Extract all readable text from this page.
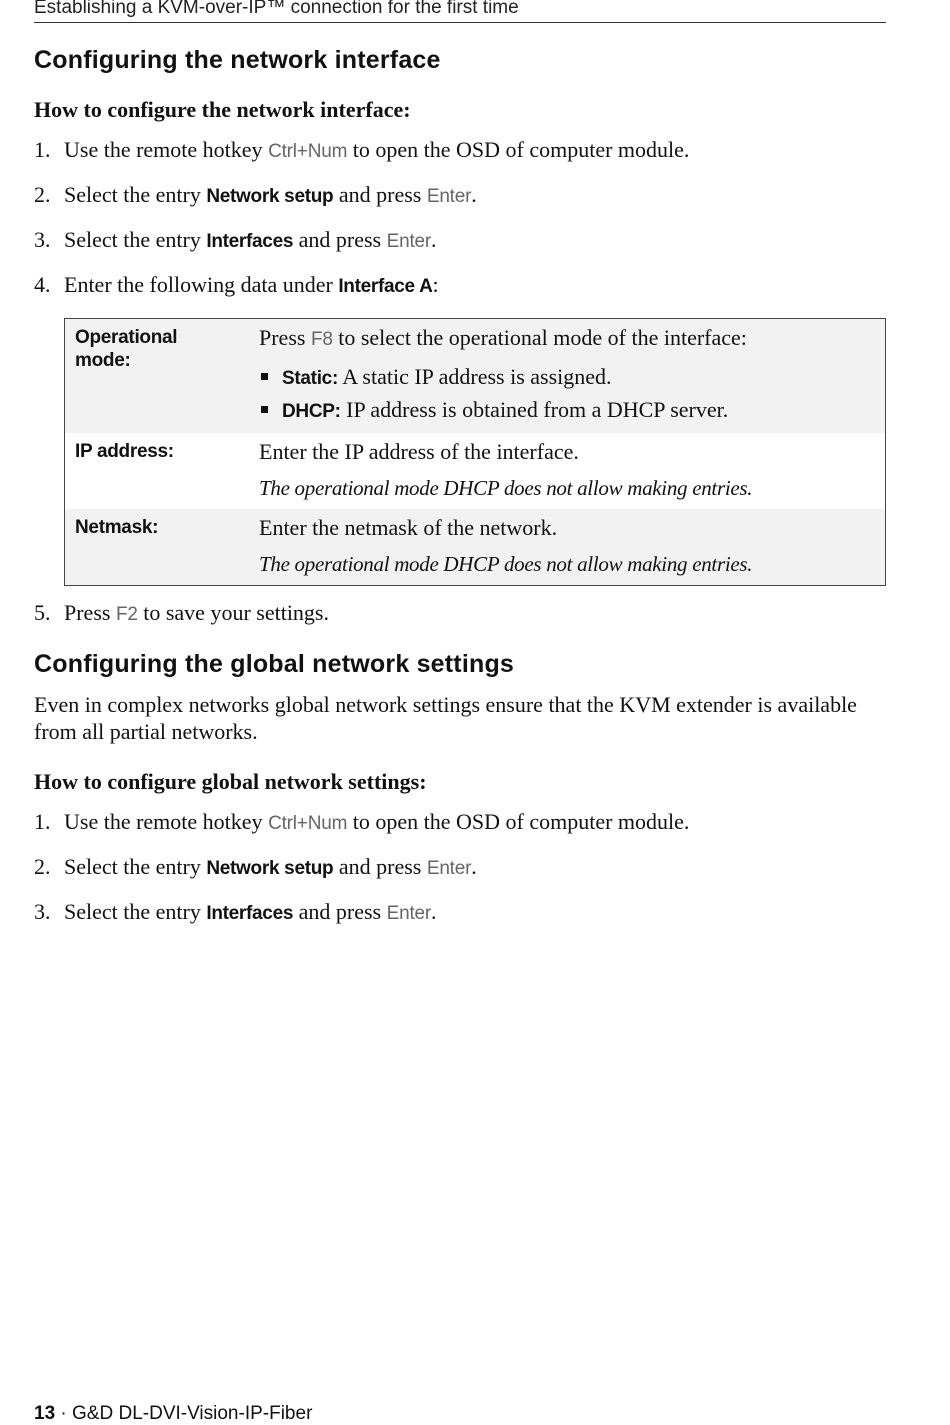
Establishing a KVM-over-IP™ connection for the first time
Configuring the network interface

How to configure the network interface:

1. Use the remote hotkey Ctrl+Num to open the OSD of computer module.
2. Select the entry Network setup and press Enter.
3. Select the entry Interfaces and press Enter.
4. Enter the following data under Interface A:
Operational
mode:
Press F8 to select the operational mode of the interface:
Static: A static IP address is assigned.
DHCP: IP address is obtained from a DHCP server.
IP address:	Enter the IP address of the interface.
The operational mode DHCP does not allow making entries.
Netmask:	Enter the netmask of the network.
The operational mode DHCP does not allow making entries.
5. Press F2 to save your settings.
Configuring the global network settings

Even in complex networks global network settings ensure that the KVM extender is available from all partial networks.

How to configure global network settings:

1. Use the remote hotkey Ctrl+Num to open the OSD of computer module.
2. Select the entry Network setup and press Enter.
3. Select the entry Interfaces and press Enter.
13 · G&D DL-DVI-Vision-IP-Fiber
